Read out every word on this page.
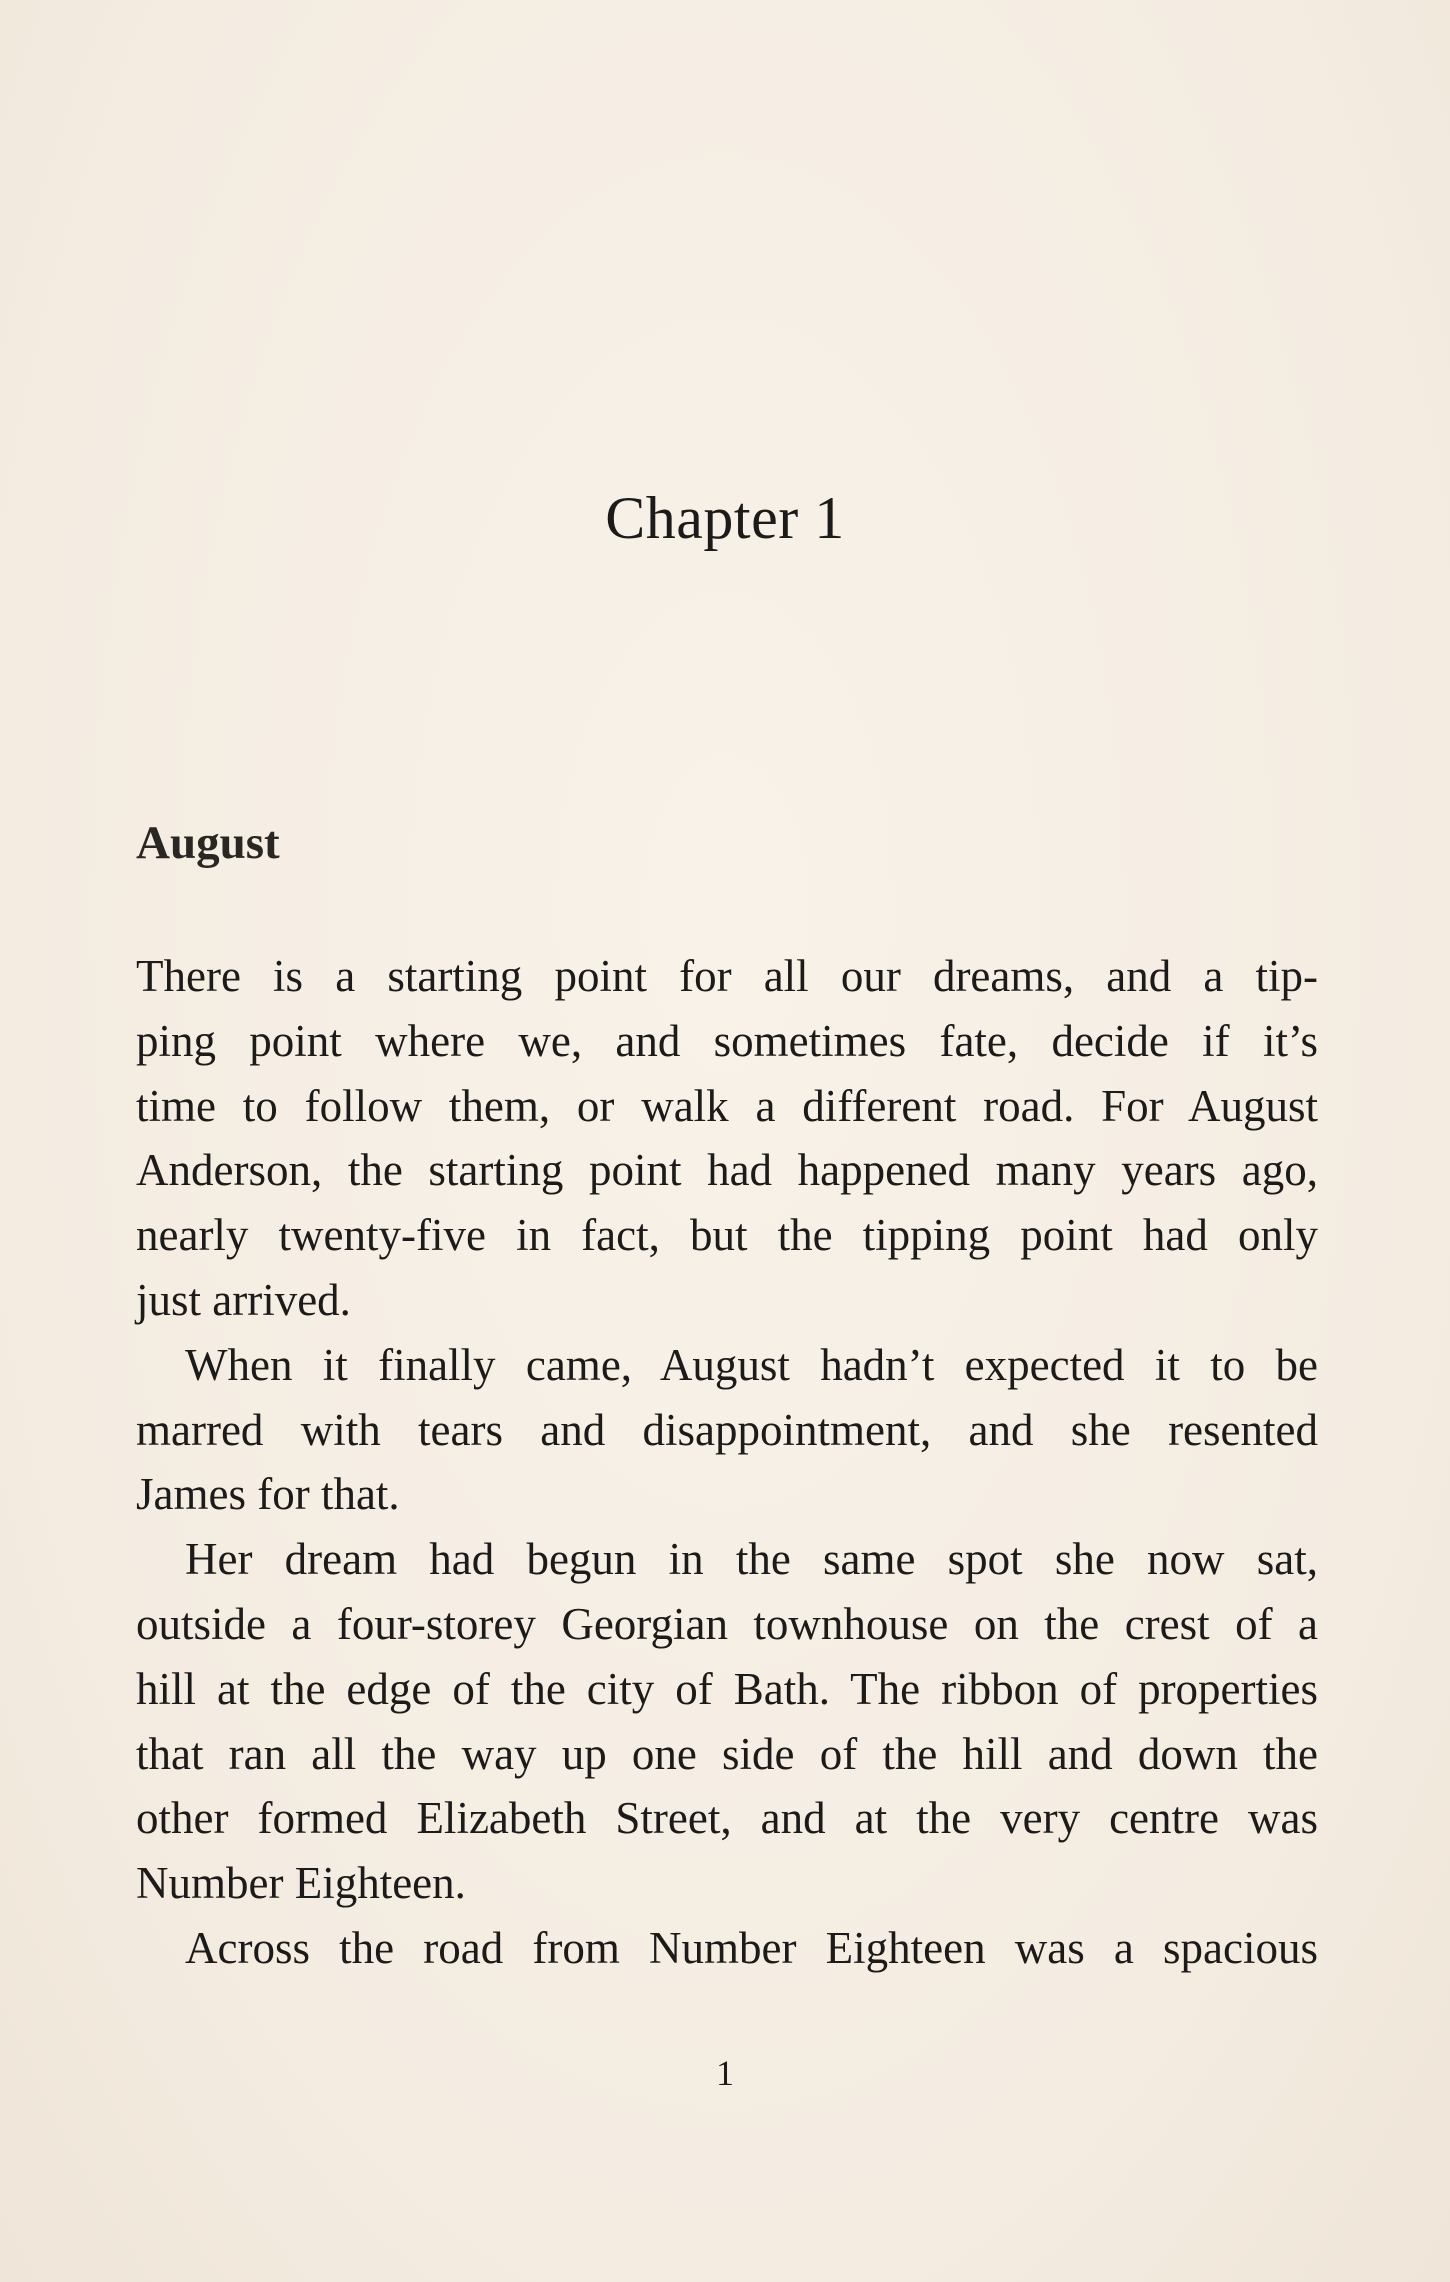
Chapter 1
August
There is a starting point for all our dreams, and a tip-
ping point where we, and sometimes fate, decide if it’s
time to follow them, or walk a different road. For August
Anderson, the starting point had happened many years ago,
nearly twenty-five in fact, but the tipping point had only
just arrived.
When it finally came, August hadn’t expected it to be
marred with tears and disappointment, and she resented
James for that.
Her dream had begun in the same spot she now sat,
outside a four-storey Georgian townhouse on the crest of a
hill at the edge of the city of Bath. The ribbon of properties
that ran all the way up one side of the hill and down the
other formed Elizabeth Street, and at the very centre was
Number Eighteen.
Across the road from Number Eighteen was a spacious
1
